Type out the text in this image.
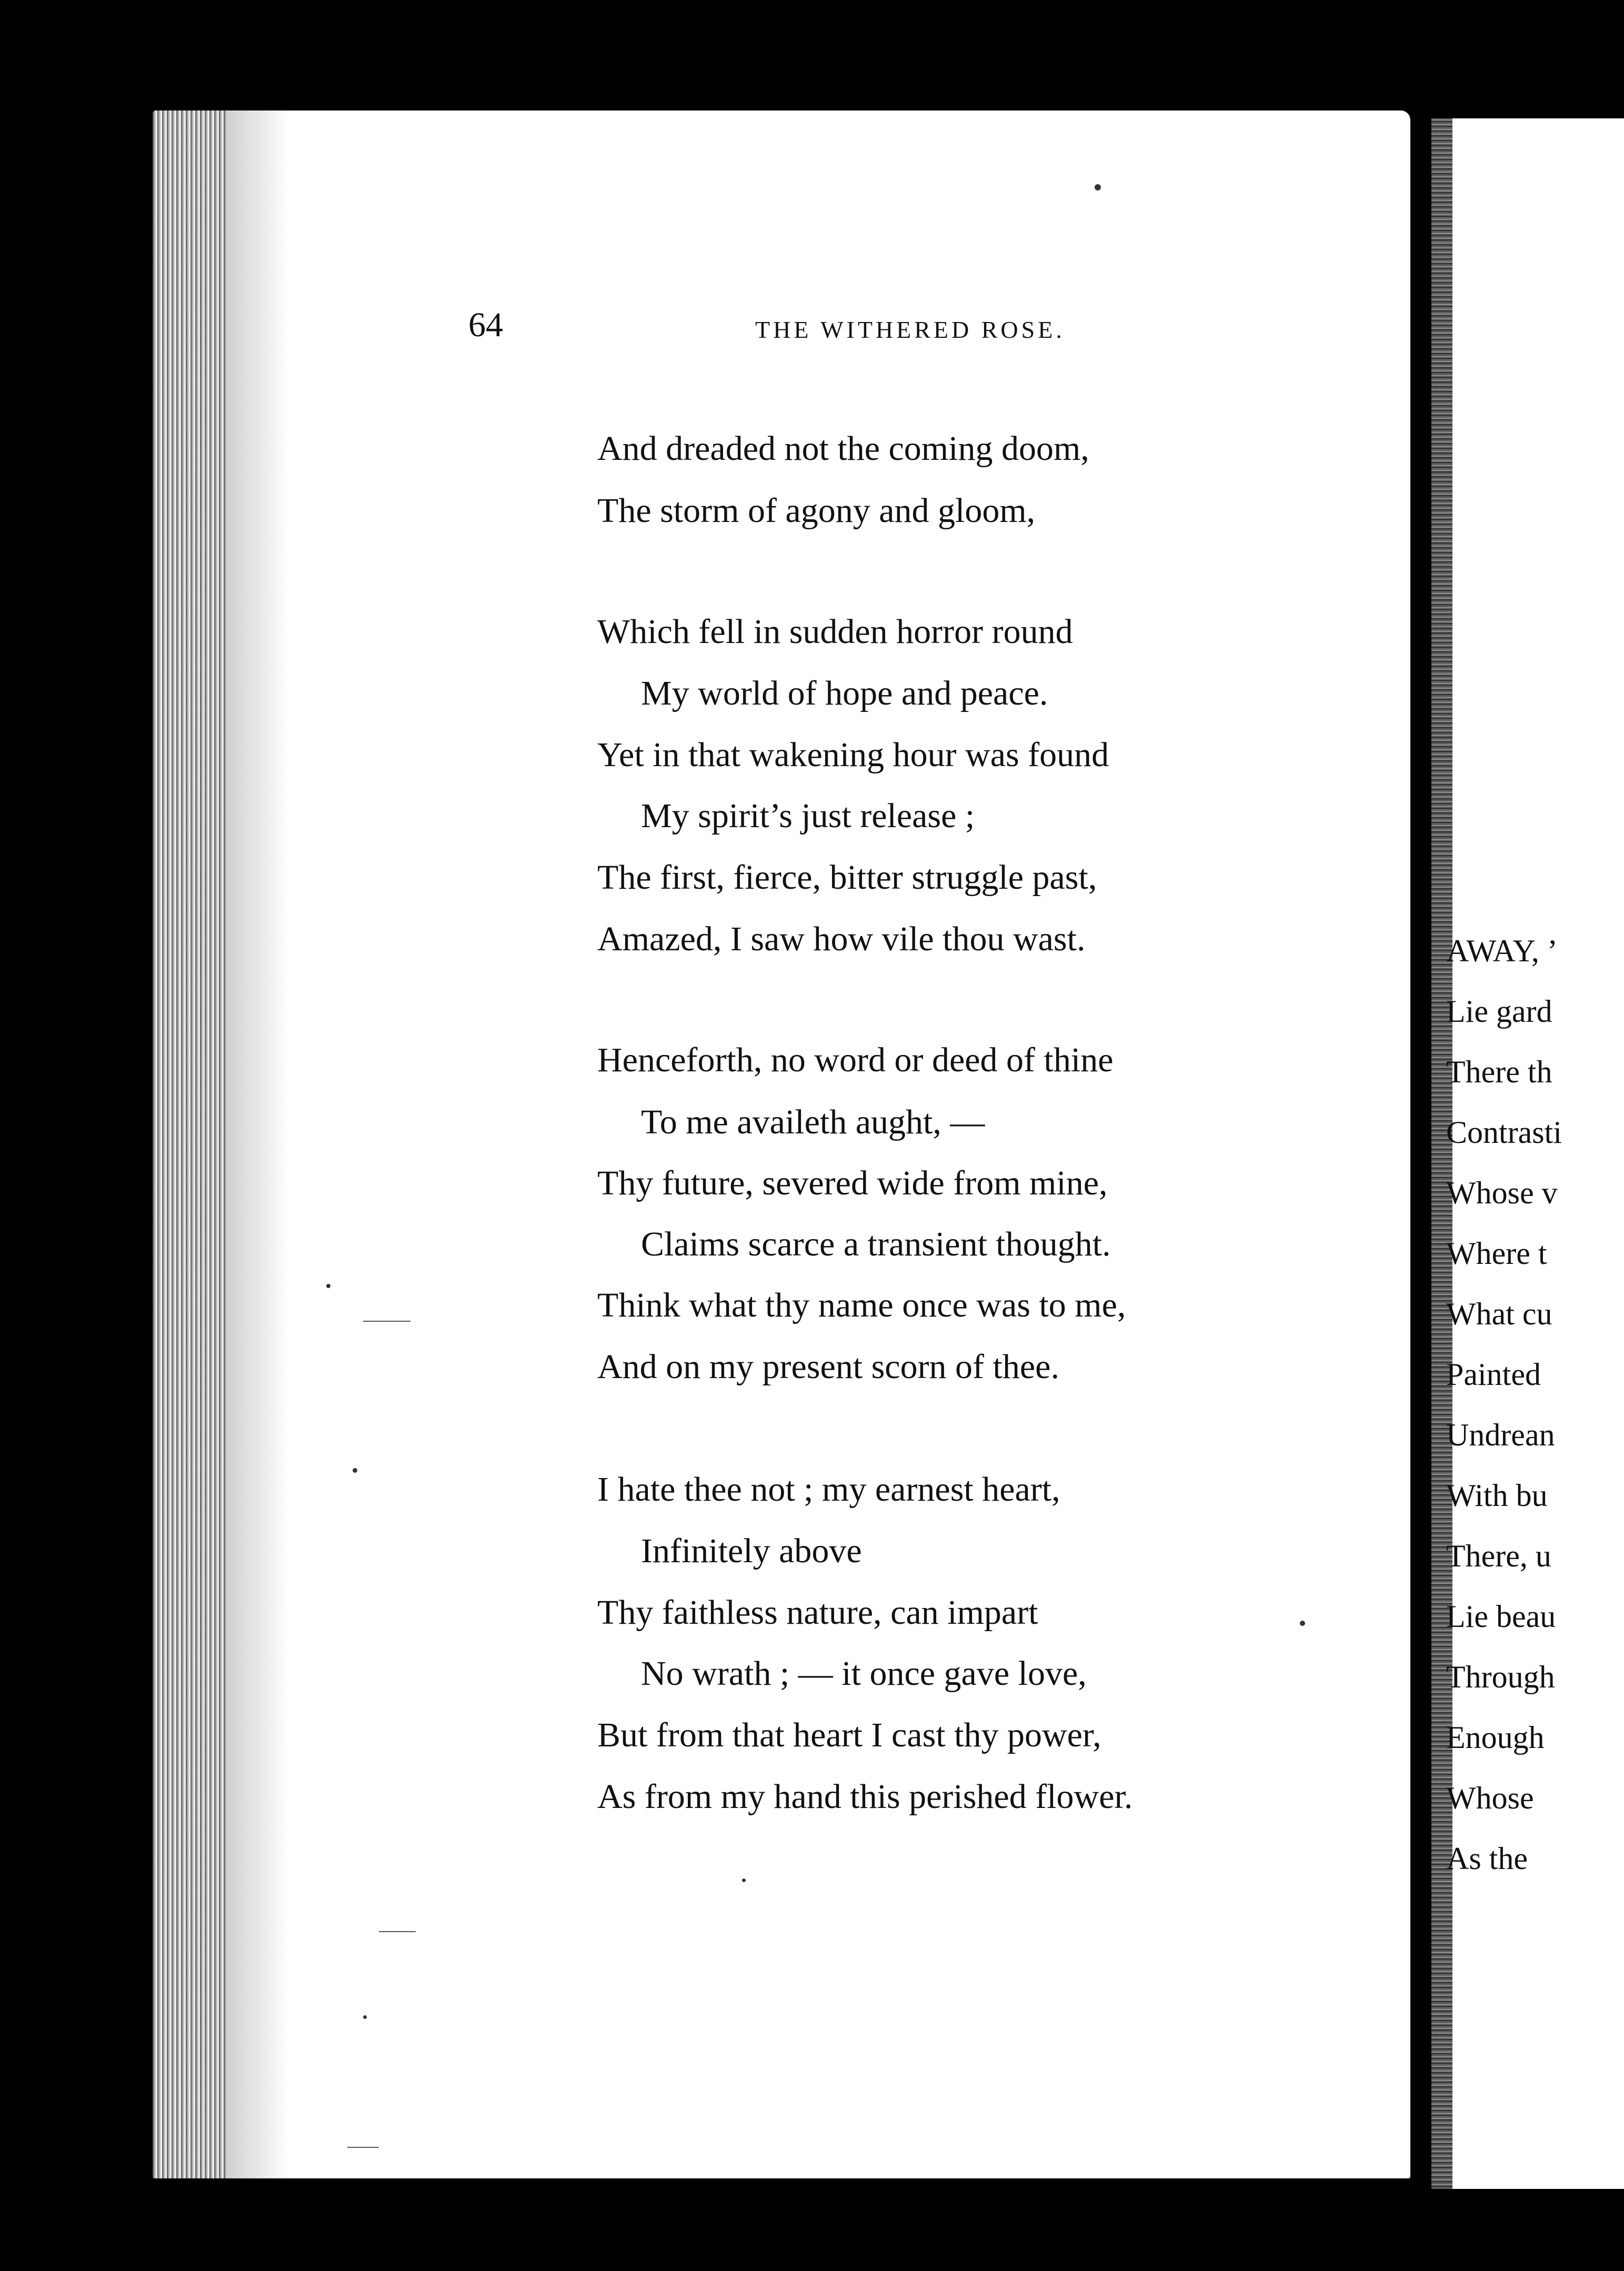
64	THE WITHERED ROSE.
And dreaded not the coming doom,
The storm of agony and gloom,
Which fell in sudden horror round
My world of hope and peace.
Yet in that wakening hour was found
My spirit’s just release ;
The first, fierce, bitter struggle past,
Amazed, I saw how vile thou wast.
Henceforth, no word or deed of thine
To me availeth aught, —
Thy future, severed wide from mine,
Claims scarce a transient thought.
Think what thy name once was to me,
And on my present scorn of thee.
I hate thee not ; my earnest heart,
Infinitely above
Thy faithless nature, can impart
No wrath ; — it once gave love,
But from that heart I cast thy power,
As from my hand this perished flower.
AWAY, ’
Lie gard
There th
Contrasti
Whose v
Where t
What cu
Painted
Undrean
With bu
There, u
Lie beau
Through
Enough
Whose
As the
